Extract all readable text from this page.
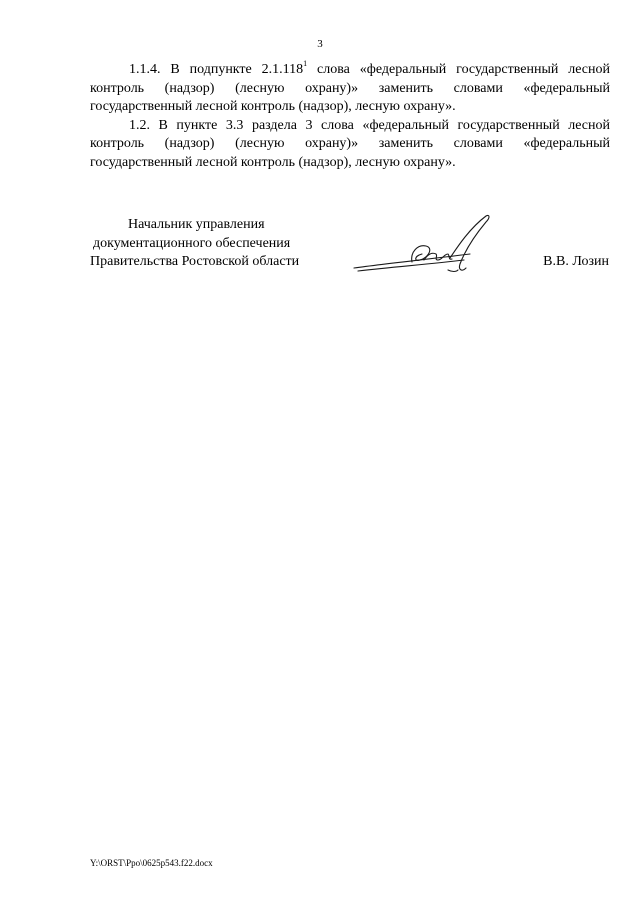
3

1.1.4. В подпункте 2.1.118$^1$ слова «федеральный государственный лесной контроль (надзор) (лесную охрану)» заменить словами «федеральный государственный лесной контроль (надзор), лесную охрану».

1.2. В пункте 3.3 раздела 3 слова «федеральный государственный лесной контроль (надзор) (лесную охрану)» заменить словами «федеральный государственный лесной контроль (надзор), лесную охрану».

Начальник управления
документационного обеспечения
Правительства Ростовской области	В.В. Лозин
Y:\ORST\Ppo\0625p543.f22.docx
